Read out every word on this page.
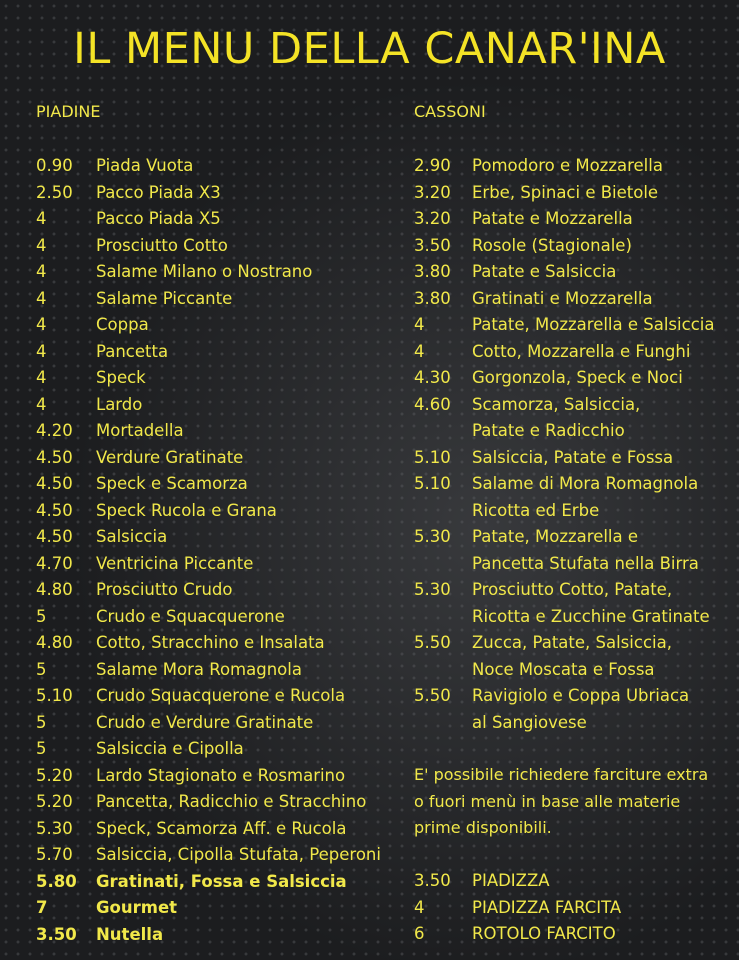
IL MENU DELLA CANAR'INA
PIADINE
0.90	Piada Vuota
2.50	Pacco Piada X3
4	Pacco Piada X5
4	Prosciutto Cotto
4	Salame Milano o Nostrano
4	Salame Piccante
4	Coppa
4	Pancetta
4	Speck
4	Lardo
4.20	Mortadella
4.50	Verdure Gratinate
4.50	Speck e Scamorza
4.50	Speck Rucola e Grana
4.50	Salsiccia
4.70	Ventricina Piccante
4.80	Prosciutto Crudo
5	Crudo e Squacquerone
4.80	Cotto, Stracchino e Insalata
5	Salame Mora Romagnola
5.10	Crudo Squacquerone e Rucola
5	Crudo e Verdure Gratinate
5	Salsiccia e Cipolla
5.20	Lardo Stagionato e Rosmarino
5.20	Pancetta, Radicchio e Stracchino
5.30	Speck, Scamorza Aff. e Rucola
5.70	Salsiccia, Cipolla Stufata, Peperoni
5.80	Gratinati, Fossa e Salsiccia
7	Gourmet
3.50	Nutella
CASSONI
2.90	Pomodoro e Mozzarella
3.20	Erbe, Spinaci e Bietole
3.20	Patate e Mozzarella
3.50	Rosole (Stagionale)
3.80	Patate e Salsiccia
3.80	Gratinati e Mozzarella
4	Patate, Mozzarella e Salsiccia
4	Cotto, Mozzarella e Funghi
4.30	Gorgonzola, Speck e Noci
4.60	Scamorza, Salsiccia,
Patate e Radicchio
5.10	Salsiccia, Patate e Fossa
5.10	Salame di Mora Romagnola
Ricotta ed Erbe
5.30	Patate, Mozzarella e
Pancetta Stufata nella Birra
5.30	Prosciutto Cotto, Patate,
Ricotta e Zucchine Gratinate
5.50	Zucca, Patate, Salsiccia,
Noce Moscata e Fossa
5.50	Ravigiolo e Coppa Ubriaca
al Sangiovese
E' possibile richiedere farciture extra
o fuori menù in base alle materie
prime disponibili.
3.50	PIADIZZA
4	PIADIZZA FARCITA
6	ROTOLO FARCITO
